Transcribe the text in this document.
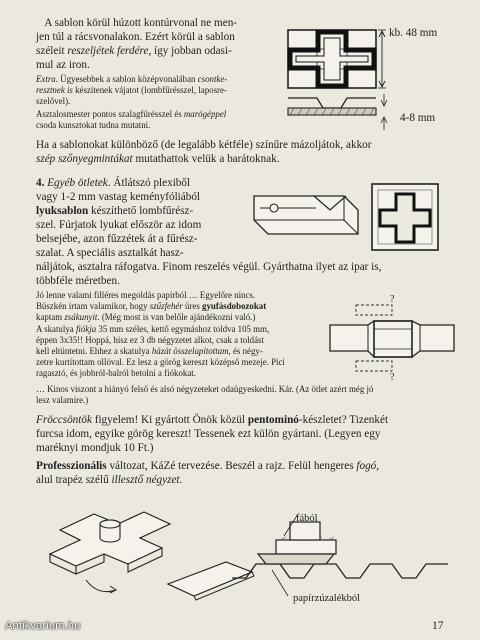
A sablon körül húzott kontúrvonal ne men-
jen túl a rácsvonalakon. Ezért körül a sablon
széleit reszeljétek ferdére, így jobban odasi-
mul az iron.
Extra. Ügyesebbek a sablon középvonalában csontke-
resztnek is készítenek vájatot (lombfűrésszel, laposre-
szelővel).
Asztalosmester pontos szalagfűrésszel és marógéppel
csoda kunsztokat tudna mutatni.
kb. 48 mm
4-8 mm
Ha a sablonokat különböző (de legalább kétféle) színűre mázoljátok, akkor
szép szőnyegmintákat mutathattok velük a barátoknak.
4. Egyéb ötletek. Átlátszó plexiből
vagy 1-2 mm vastag keményfóliából
lyuksablon készíthető lombfűrész-
szel. Fúrjatok lyukat először az idom
belsejébe, azon fűzzétek át a fűrész-
szalat. A speciális asztalkát hasz-
náljátok, asztalra ráfogatva. Finom reszelés végül. Gyárthatna ilyet az ipar is,
többféle méretben.
Jó lenne valami filléres megoldás papírból … Egyelőre nincs.
Büszkén írtam valamikor, hogy szűzfehér üres gyufásdobozokat
kaptam zsákunyit. (Még most is van belőle ajándékozni való.)
A skatulya fiókja 35 mm széles, kettő egymáshoz toldva 105 mm,
éppen 3x35!! Hoppá, hisz ez 3 db négyzetet alkot, csak a toldást
kell eltüntetni. Ehhez a skatulya házát összelapítottam, és négy-
zetre kurtítottam ollóval. Ez lesz a görög kereszt középső mezeje. Pici
ragasztó, és jobbról-balról betolni a fiókokat.
… Kinos viszont a hiányó felső és alsó négyzeteket odaügyeskedni. Kár. (Az ötlet azért még jó
lesz valamire.)
?
?
Fröccsöntök figyelem! Ki gyártott Önök közül pentominó-készletet? Tizenkét
furcsa idom, egyike görög kereszt! Tessenek ezt külön gyártani. (Legyen egy
maréknyi mondjuk 10 Ft.)
Professzionális változat, KáZé tervezése. Beszél a rajz. Felül hengeres fogó,
alul trapéz szélű illesztő négyzet.
fából
papírzúzalékból
Antikvarium.hu	17
